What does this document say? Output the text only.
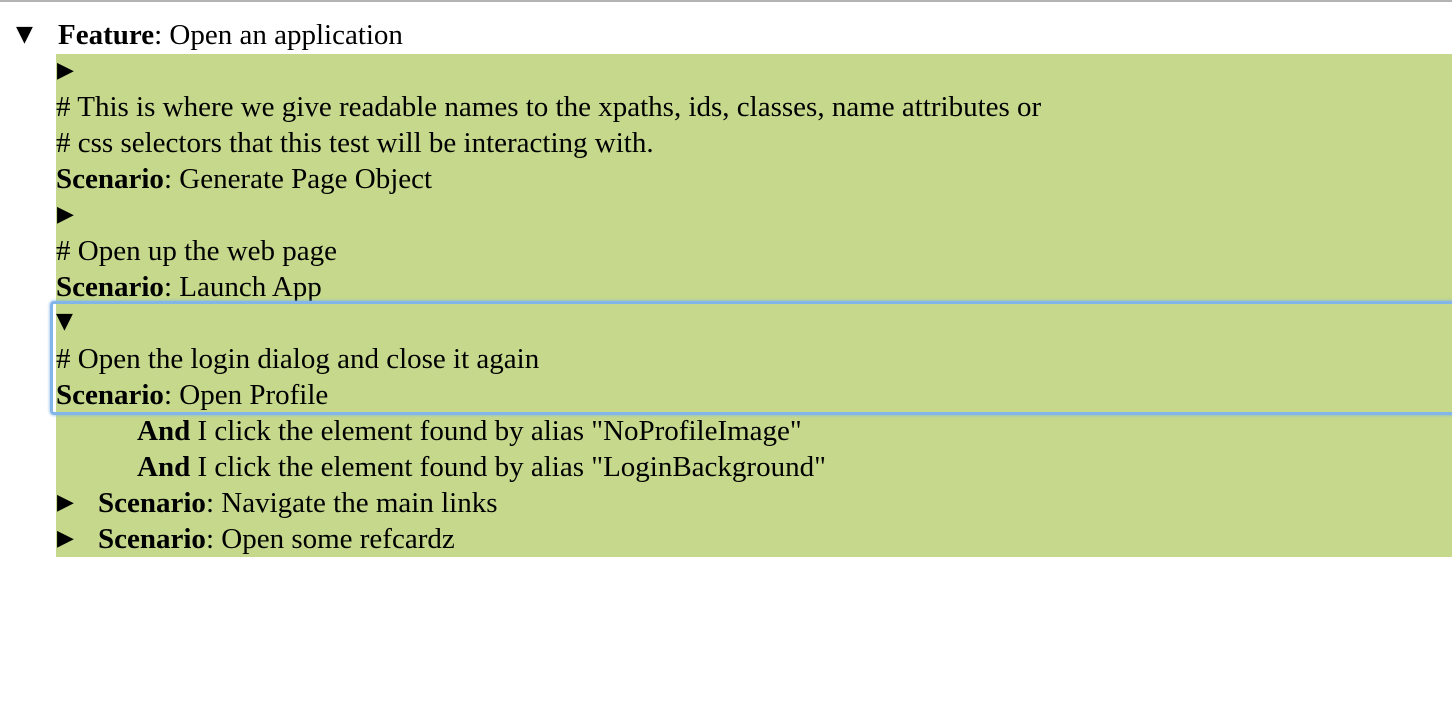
▼ Feature: Open an application
▶
# This is where we give readable names to the xpaths, ids, classes, name attributes or
# css selectors that this test will be interacting with.
Scenario: Generate Page Object
▶
# Open up the web page
Scenario: Launch App
▼
# Open the login dialog and close it again
Scenario: Open Profile
And I click the element found by alias "NoProfileImage"
And I click the element found by alias "LoginBackground"
▶ Scenario: Navigate the main links
▶ Scenario: Open some refcardz
